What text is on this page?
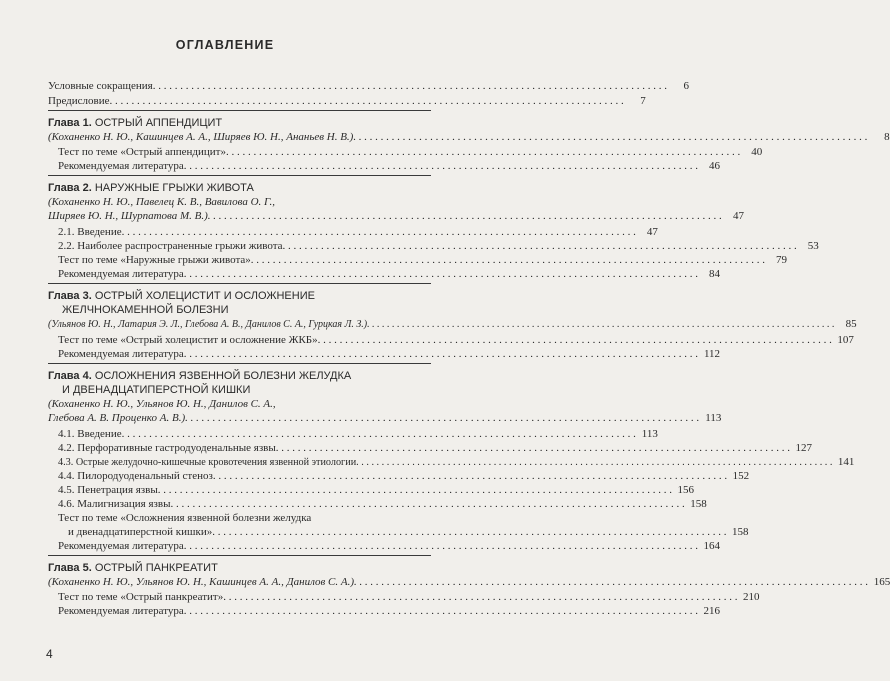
ОГЛАВЛЕНИЕ
Условные сокращения . . .	6
Предисловие . . .	7
Глава 1. ОСТРЫЙ АППЕНДИЦИТ
(Коханенко Н. Ю., Кашинцев А. А., Ширяев Ю. Н., Ананьев Н. В.) . . .	8
Тест по теме «Острый аппендицит» . . .	40
Рекомендуемая литература . . .	46
Глава 2. НАРУЖНЫЕ ГРЫЖИ ЖИВОТА
(Коханенко Н. Ю., Павелец К. В., Вавилова О. Г.,
Ширяев Ю. Н., Шурпатова М. В.) . . .	47
2.1. Введение . . .	47
2.2. Наиболее распространенные грыжи живота . . .	53
Тест по теме «Наружные грыжи живота» . . .	79
Рекомендуемая литература . . .	84
Глава 3. ОСТРЫЙ ХОЛЕЦИСТИТ И ОСЛОЖНЕНИЕ
ЖЕЛЧНОКАМЕННОЙ БОЛЕЗНИ
(Ульянов Ю. Н., Латария Э. Л., Глебова А. В., Данилов С. А., Гурцкая Л. З.) . . .	85
Тест по теме «Острый холецистит и осложнение ЖКБ» . . .	107
Рекомендуемая литература . . .	112
Глава 4. ОСЛОЖНЕНИЯ ЯЗВЕННОЙ БОЛЕЗНИ ЖЕЛУДКА
И ДВЕНАДЦАТИПЕРСТНОЙ КИШКИ
(Коханенко Н. Ю., Ульянов Ю. Н., Данилов С. А.,
Глебова А. В. Проценко А. В.) . . .	113
4.1. Введение . . .	113
4.2. Перфоративные гастродуоденальные язвы . . .	127
4.3. Острые желудочно-кишечные кровотечения язвенной этиологии . . .	141
4.4. Пилородуоденальный стеноз . . .	152
4.5. Пенетрация язвы . . .	156
4.6. Малигнизация язвы . . .	158
Тест по теме «Осложнения язвенной болезни желудка
и двенадцатиперстной кишки» . . .	158
Рекомендуемая литература . . .	164
Глава 5. ОСТРЫЙ ПАНКРЕАТИТ
(Коханенко Н. Ю., Ульянов Ю. Н., Кашинцев А. А., Данилов С. А.) . . .	165
Тест по теме «Острый панкреатит» . . .	210
Рекомендуемая литература . . .	216
4
